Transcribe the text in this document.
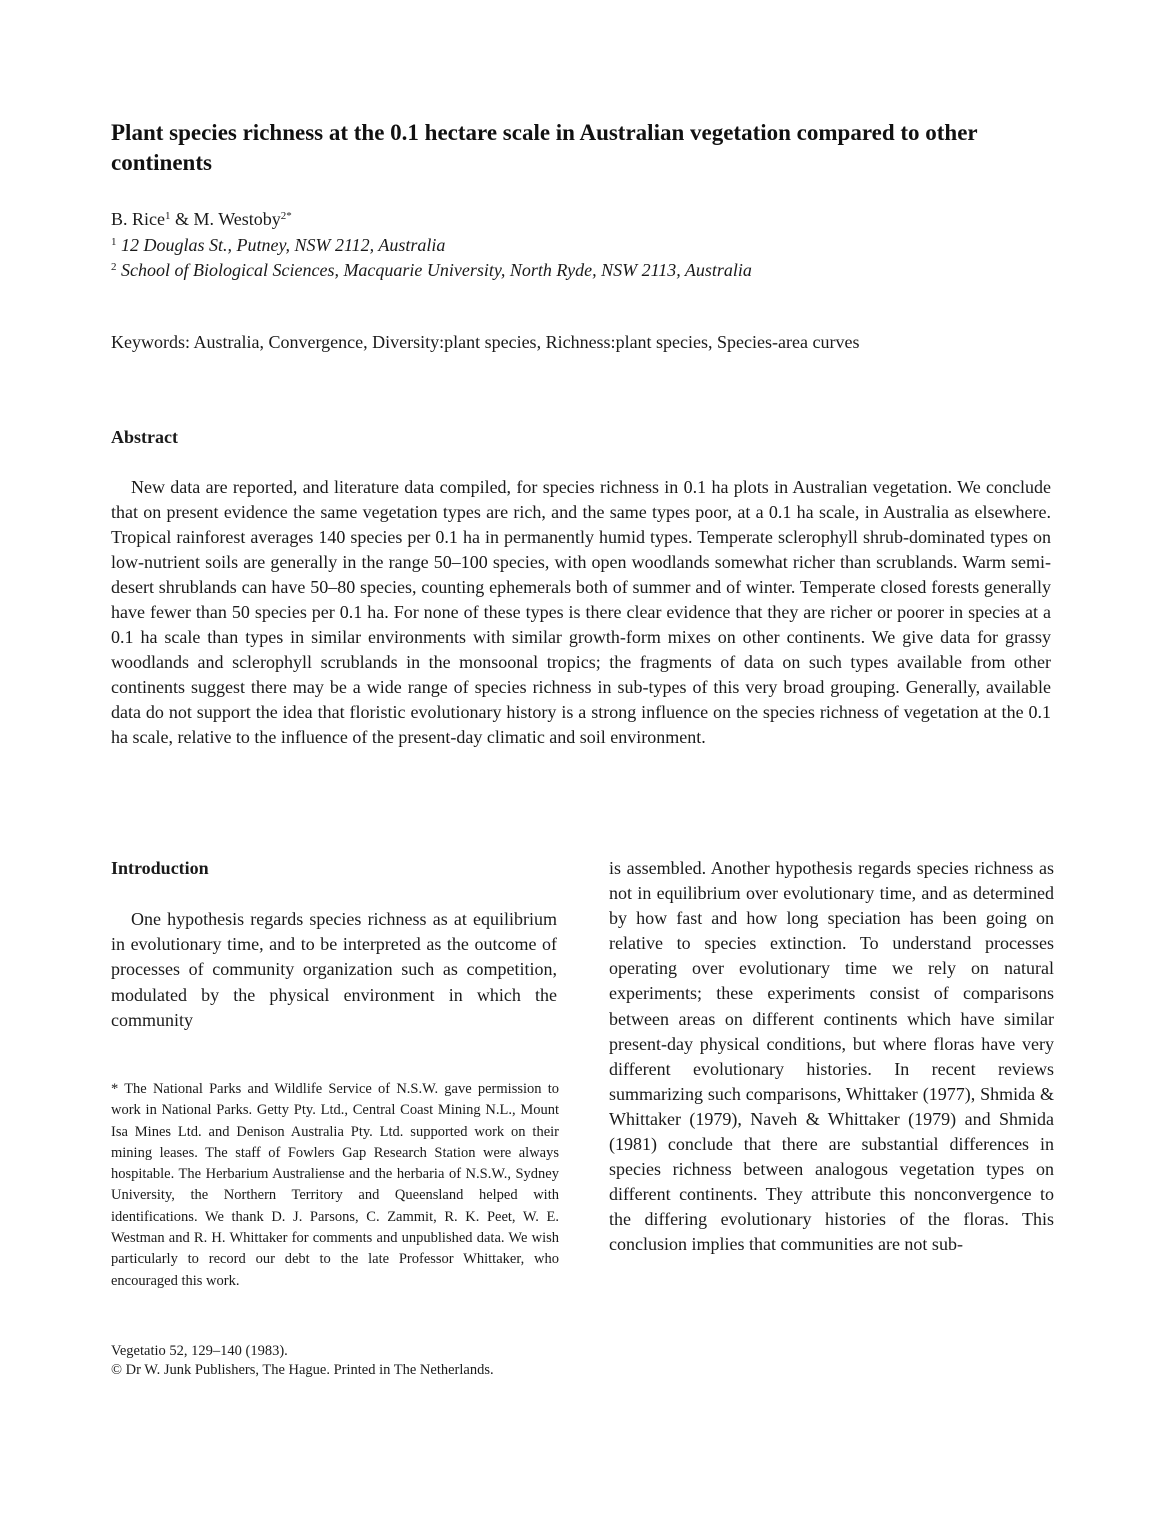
Plant species richness at the 0.1 hectare scale in Australian vegetation compared to other continents
B. Rice$^1$ & M. Westoby$^{2*}$
$^1$ 12 Douglas St., Putney, NSW 2112, Australia
$^2$ School of Biological Sciences, Macquarie University, North Ryde, NSW 2113, Australia
Keywords: Australia, Convergence, Diversity:plant species, Richness:plant species, Species-area curves
Abstract

New data are reported, and literature data compiled, for species richness in 0.1 ha plots in Australian vegetation. We conclude that on present evidence the same vegetation types are rich, and the same types poor, at a 0.1 ha scale, in Australia as elsewhere. Tropical rainforest averages 140 species per 0.1 ha in permanently humid types. Temperate sclerophyll shrub-dominated types on low-nutrient soils are generally in the range 50–100 species, with open woodlands somewhat richer than scrublands. Warm semi-desert shrublands can have 50–80 species, counting ephemerals both of summer and of winter. Temperate closed forests generally have fewer than 50 species per 0.1 ha. For none of these types is there clear evidence that they are richer or poorer in species at a 0.1 ha scale than types in similar environments with similar growth-form mixes on other continents. We give data for grassy woodlands and sclerophyll scrublands in the monsoonal tropics; the fragments of data on such types available from other continents suggest there may be a wide range of species richness in sub-types of this very broad grouping. Generally, available data do not support the idea that floristic evolutionary history is a strong influence on the species richness of vegetation at the 0.1 ha scale, relative to the influence of the present-day climatic and soil environment.

Introduction

One hypothesis regards species richness as at equilibrium in evolutionary time, and to be interpreted as the outcome of processes of community organization such as competition, modulated by the physical environment in which the community

* The National Parks and Wildlife Service of N.S.W. gave permission to work in National Parks. Getty Pty. Ltd., Central Coast Mining N.L., Mount Isa Mines Ltd. and Denison Australia Pty. Ltd. supported work on their mining leases. The staff of Fowlers Gap Research Station were always hospitable. The Herbarium Australiense and the herbaria of N.S.W., Sydney University, the Northern Territory and Queensland helped with identifications. We thank D. J. Parsons, C. Zammit, R. K. Peet, W. E. Westman and R. H. Whittaker for comments and unpublished data. We wish particularly to record our debt to the late Professor Whittaker, who encouraged this work.

is assembled. Another hypothesis regards species richness as not in equilibrium over evolutionary time, and as determined by how fast and how long speciation has been going on relative to species extinction. To understand processes operating over evolutionary time we rely on natural experiments; these experiments consist of comparisons between areas on different continents which have similar present-day physical conditions, but where floras have very different evolutionary histories. In recent reviews summarizing such comparisons, Whittaker (1977), Shmida & Whittaker (1979), Naveh & Whittaker (1979) and Shmida (1981) conclude that there are substantial differences in species richness between analogous vegetation types on different continents. They attribute this nonconvergence to the differing evolutionary histories of the floras. This conclusion implies that communities are not sub-

Vegetatio 52, 129–140 (1983).
© Dr W. Junk Publishers, The Hague. Printed in The Netherlands.
